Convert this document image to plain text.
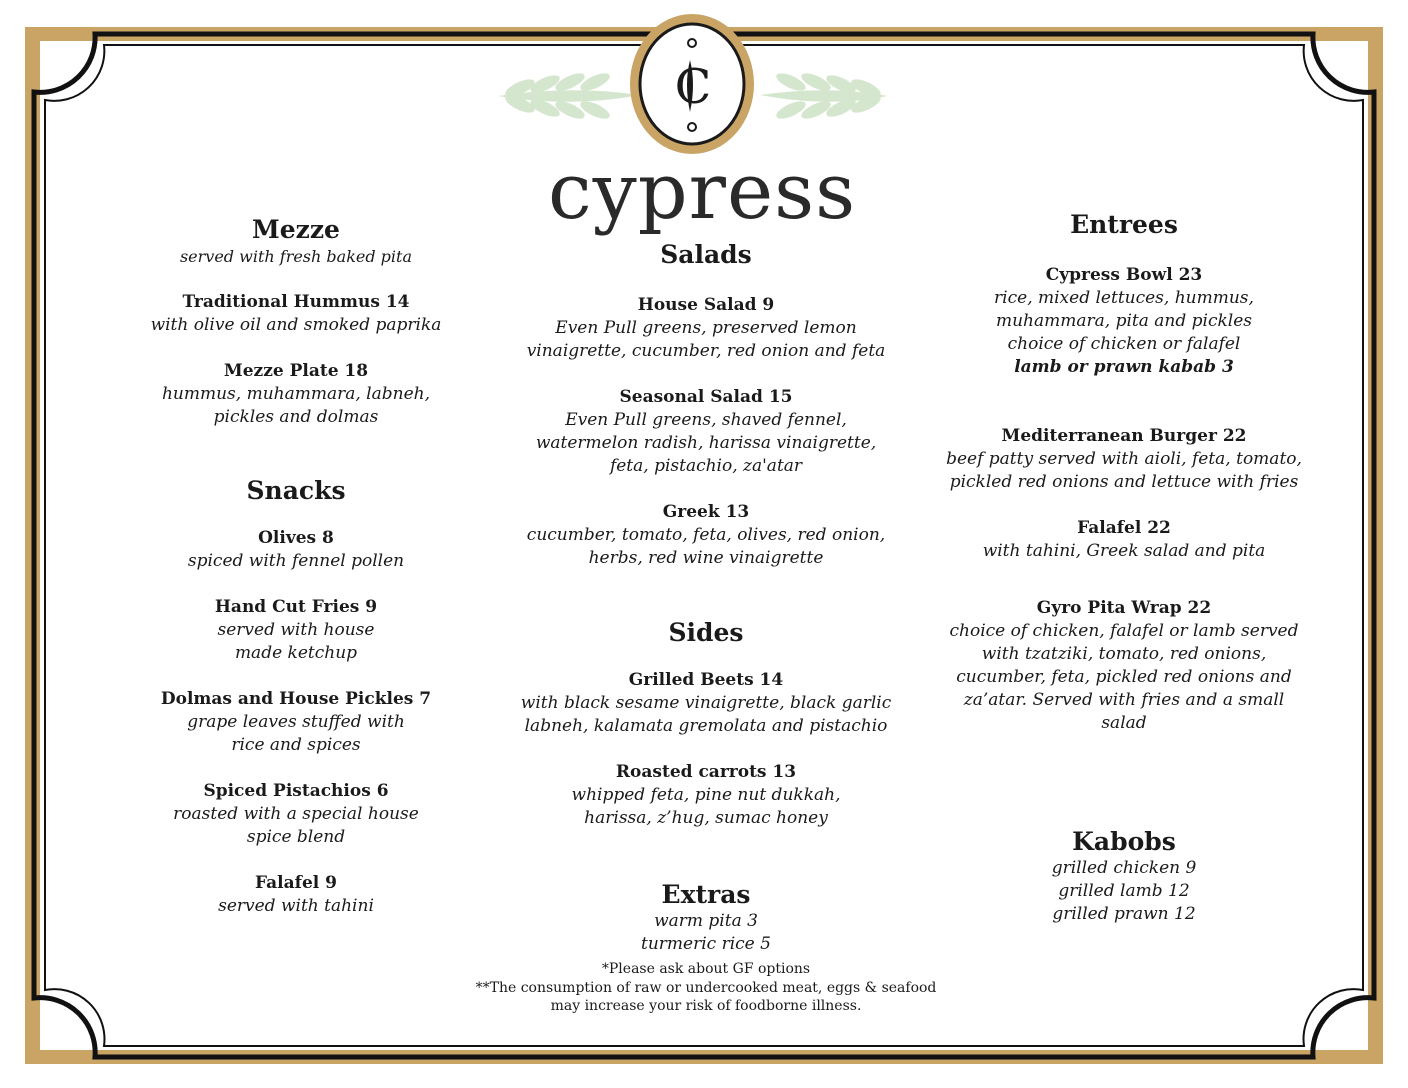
C
cypress
Mezze
served with fresh baked pita
Traditional Hummus 14
with olive oil and smoked paprika
Mezze Plate 18
hummus, muhammara, labneh,
pickles and dolmas
Snacks
Olives 8
spiced with fennel pollen
Hand Cut Fries 9
served with house
made ketchup
Dolmas and House Pickles 7
grape leaves stuffed with
rice and spices
Spiced Pistachios 6
roasted with a special house
spice blend
Falafel 9
served with tahini
Salads
House Salad 9
Even Pull greens, preserved lemon
vinaigrette, cucumber, red onion and feta
Seasonal Salad 15
Even Pull greens, shaved fennel,
watermelon radish, harissa vinaigrette,
feta, pistachio, za'atar
Greek 13
cucumber, tomato, feta, olives, red onion,
herbs, red wine vinaigrette
Sides
Grilled Beets 14
with black sesame vinaigrette, black garlic
labneh, kalamata gremolata and pistachio
Roasted carrots 13
whipped feta, pine nut dukkah,
harissa, z’hug, sumac honey
Extras
warm pita 3
turmeric rice 5
*Please ask about GF options
**The consumption of raw or undercooked meat, eggs & seafood
may increase your risk of foodborne illness.
Entrees
Cypress Bowl 23
rice, mixed lettuces, hummus,
muhammara, pita and pickles
choice of chicken or falafel
lamb or prawn kabab 3
Mediterranean Burger 22
beef patty served with aioli, feta, tomato,
pickled red onions and lettuce with fries
Falafel 22
with tahini, Greek salad and pita
Gyro Pita Wrap 22
choice of chicken, falafel or lamb served
with tzatziki, tomato, red onions,
cucumber, feta, pickled red onions and
za’atar. Served with fries and a small
salad
Kabobs
grilled chicken 9
grilled lamb 12
grilled prawn 12
